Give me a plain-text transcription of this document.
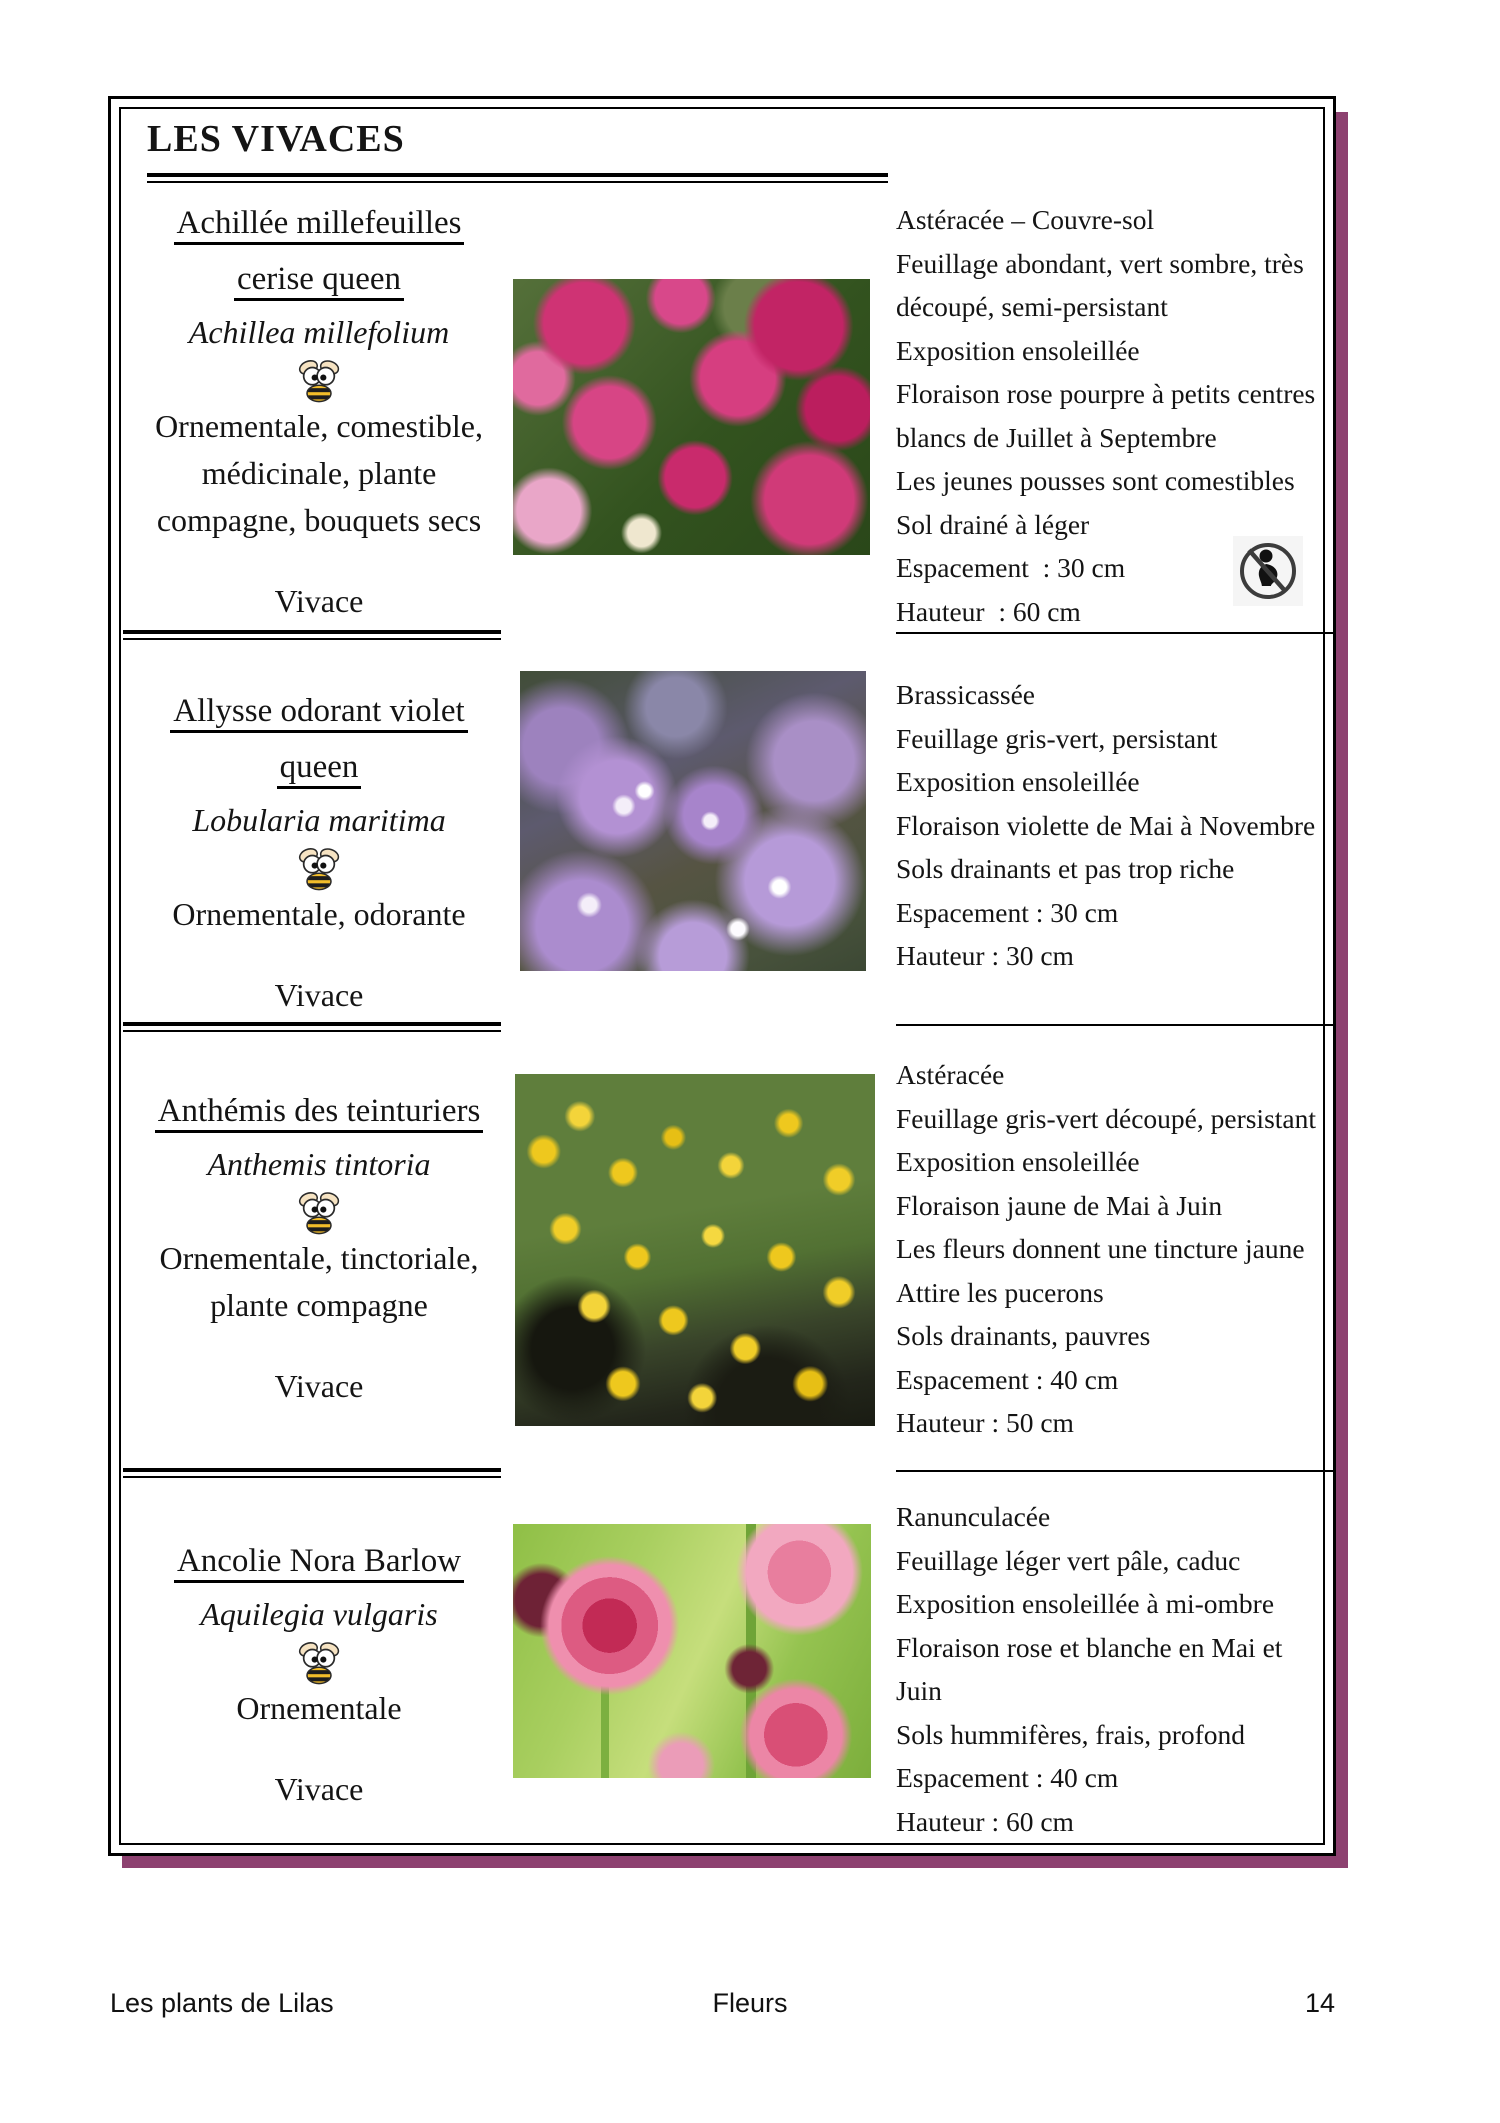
LES VIVACES
Achillée millefeuilles
cerise queen
Achillea millefolium
Ornementale, comestible,
médicinale, plante
compagne, bouquets secs
Vivace
Astéracée – Couvre-sol
Feuillage abondant, vert sombre, très
découpé, semi-persistant
Exposition ensoleillée
Floraison rose pourpre à petits centres
blancs de Juillet à Septembre
Les jeunes pousses sont comestibles
Sol drainé à léger
Espacement  : 30 cm
Hauteur  : 60 cm
Allysse odorant violet
queen
Lobularia maritima
Ornementale, odorante
Vivace
Brassicassée
Feuillage gris-vert, persistant
Exposition ensoleillée
Floraison violette de Mai à Novembre
Sols drainants et pas trop riche
Espacement : 30 cm
Hauteur : 30 cm
Anthémis des teinturiers
Anthemis tintoria
Ornementale, tinctoriale,
plante compagne
Vivace
Astéracée
Feuillage gris-vert découpé, persistant
Exposition ensoleillée
Floraison jaune de Mai à Juin
Les fleurs donnent une tincture jaune
Attire les pucerons
Sols drainants, pauvres
Espacement : 40 cm
Hauteur : 50 cm
Ancolie Nora Barlow
Aquilegia vulgaris
Ornementale
Vivace
Ranunculacée
Feuillage léger vert pâle, caduc
Exposition ensoleillée à mi-ombre
Floraison rose et blanche en Mai et
Juin
Sols hummifères, frais, profond
Espacement : 40 cm
Hauteur : 60 cm
Les plants de Lilas	Fleurs	14
